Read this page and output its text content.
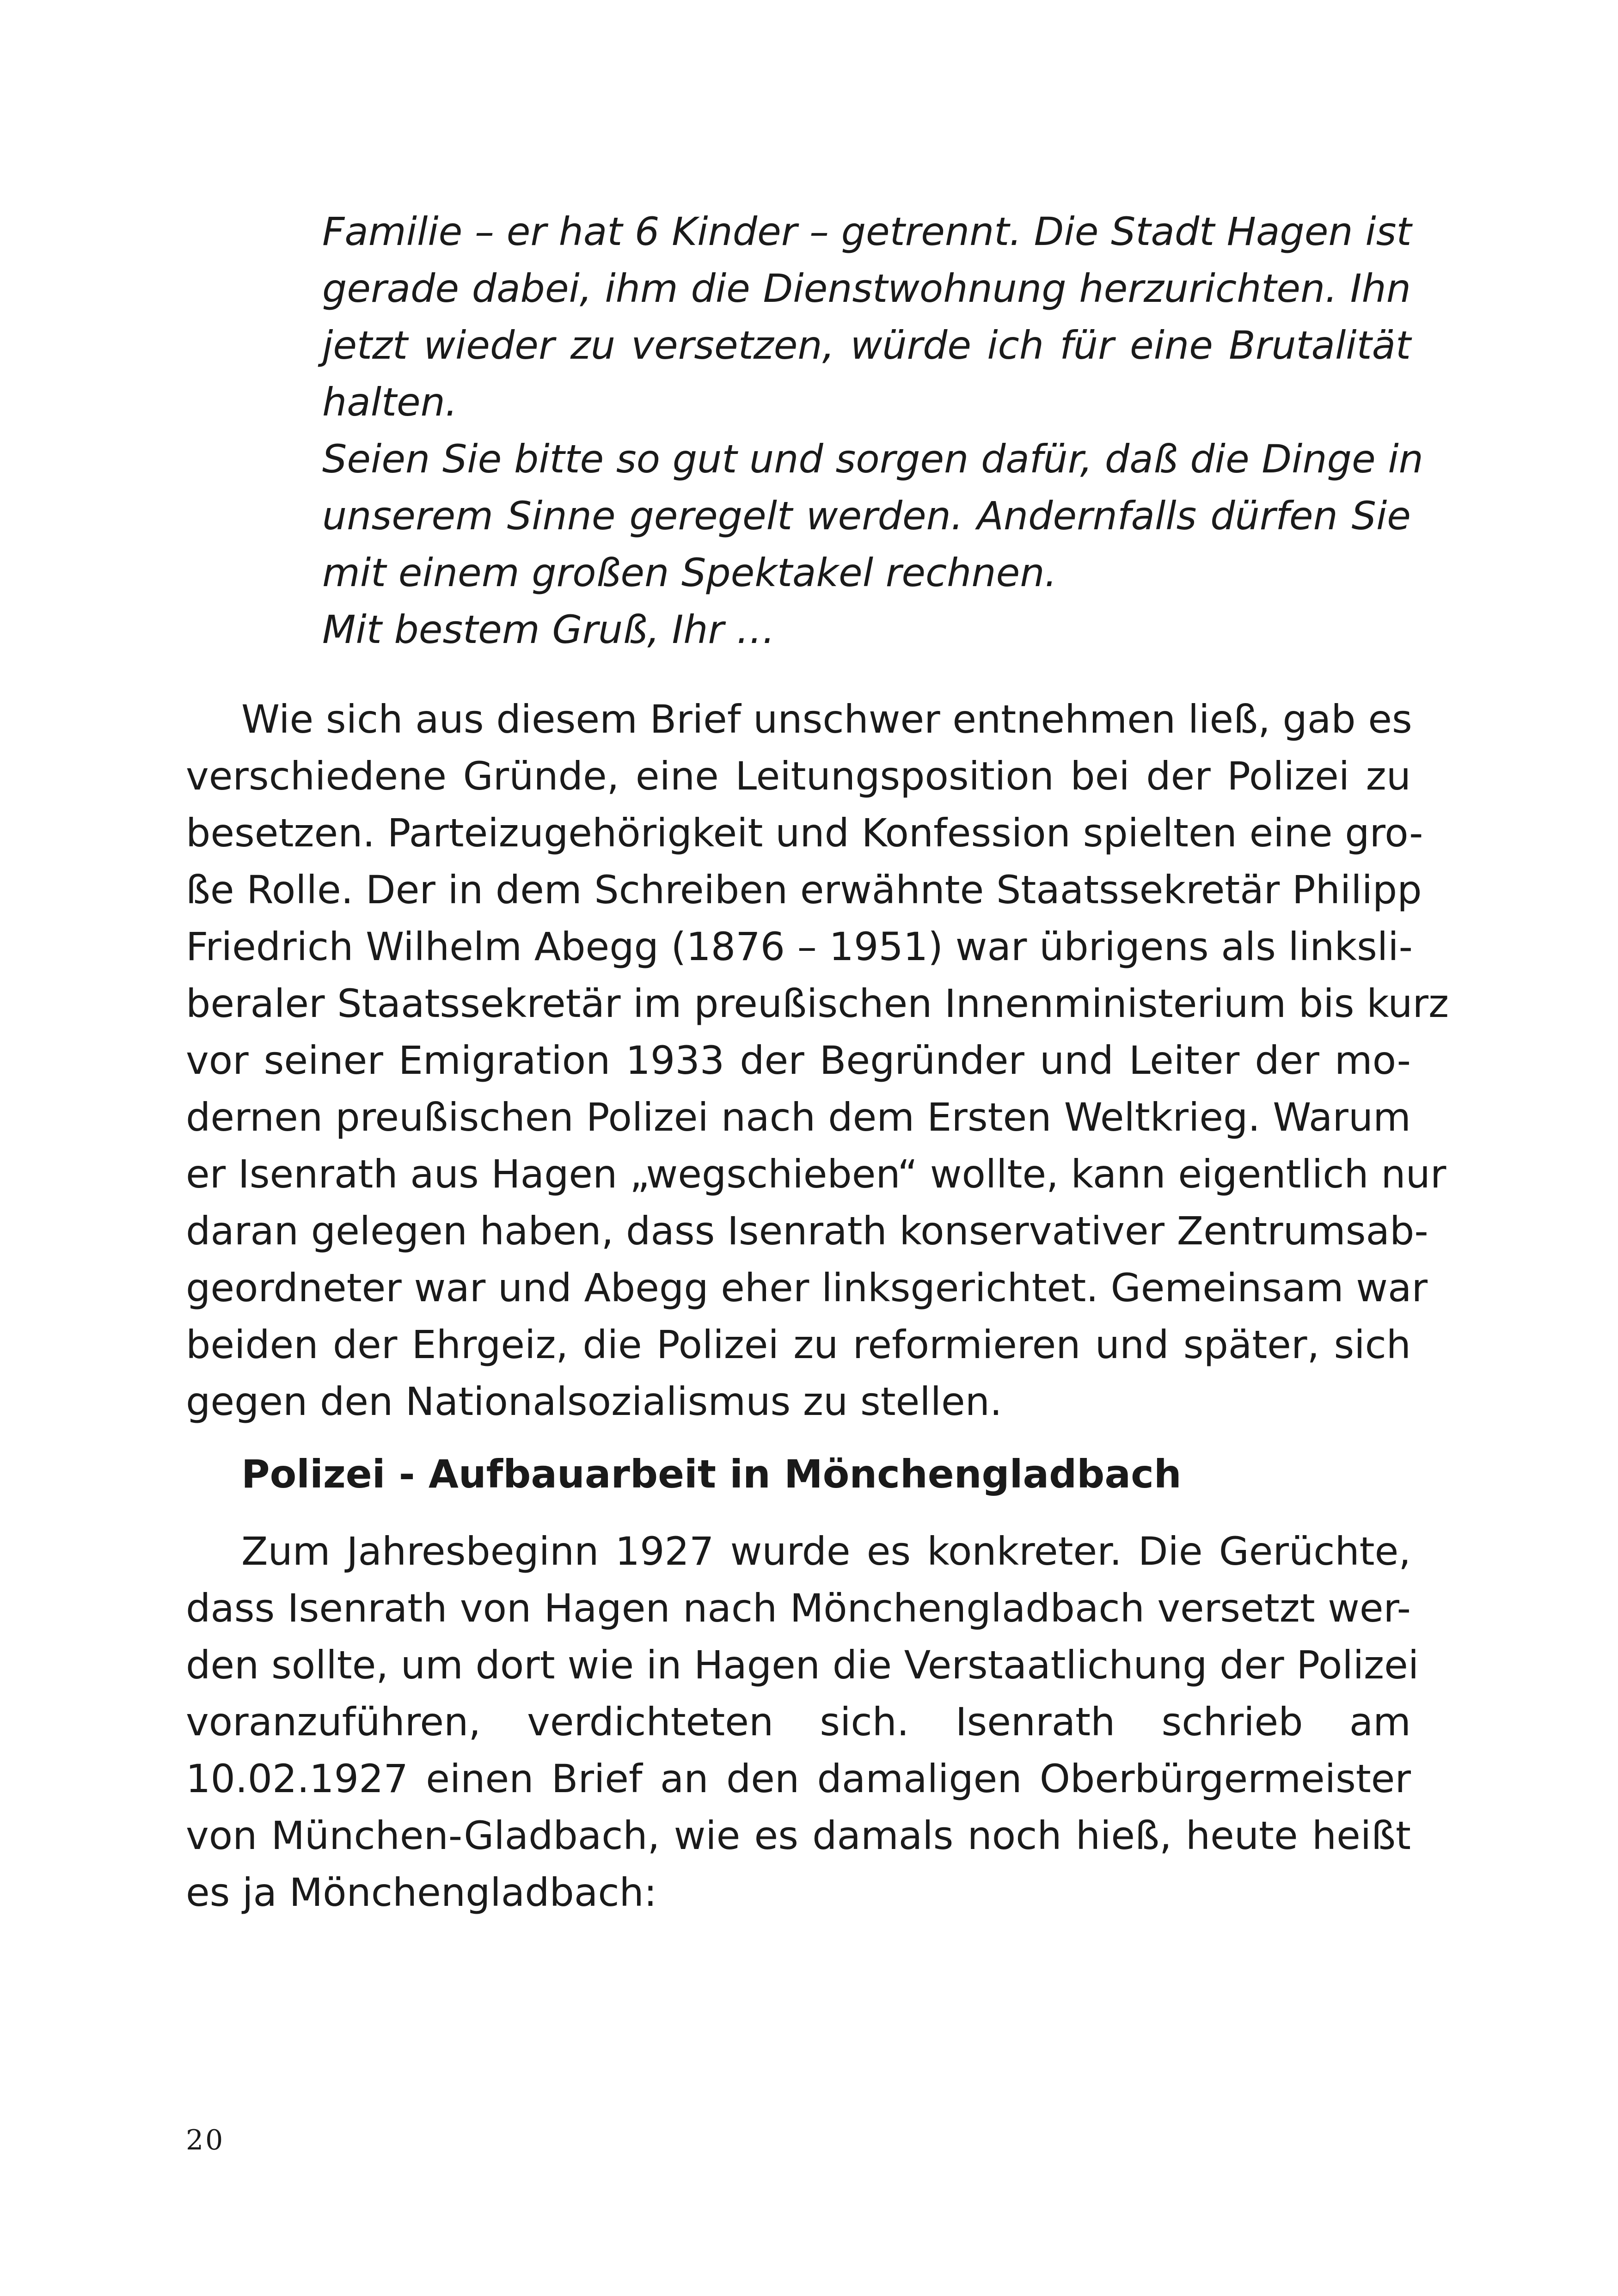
Familie – er hat 6 Kinder – getrennt. Die Stadt Hagen ist
gerade dabei, ihm die Dienstwohnung herzurichten. Ihn
jetzt wieder zu versetzen, würde ich für eine Brutalität
halten.
Seien Sie bitte so gut und sorgen dafür, daß die Dinge in
unserem Sinne geregelt werden. Andernfalls dürfen Sie
mit einem großen Spektakel rechnen.
Mit bestem Gruß, Ihr …
Wie sich aus diesem Brief unschwer entnehmen ließ, gab es
verschiedene Gründe, eine Leitungsposition bei der Polizei zu
besetzen. Parteizugehörigkeit und Konfession spielten eine gro-
ße Rolle. Der in dem Schreiben erwähnte Staatssekretär Philipp
Friedrich Wilhelm Abegg (1876 – 1951) war übrigens als linksli-
beraler Staatssekretär im preußischen Innenministerium bis kurz
vor seiner Emigration 1933 der Begründer und Leiter der mo-
dernen preußischen Polizei nach dem Ersten Weltkrieg. Warum
er Isenrath aus Hagen „wegschieben“ wollte, kann eigentlich nur
daran gelegen haben, dass Isenrath konservativer Zentrumsab-
geordneter war und Abegg eher linksgerichtet. Gemeinsam war
beiden der Ehrgeiz, die Polizei zu reformieren und später, sich
gegen den Nationalsozialismus zu stellen.
Polizei - Aufbauarbeit in Mönchengladbach
Zum Jahresbeginn 1927 wurde es konkreter. Die Gerüchte,
dass Isenrath von Hagen nach Mönchengladbach versetzt wer-
den sollte, um dort wie in Hagen die Verstaatlichung der Polizei
voranzuführen, verdichteten sich. Isenrath schrieb am
10.02.1927 einen Brief an den damaligen Oberbürgermeister
von München-Gladbach, wie es damals noch hieß, heute heißt
es ja Mönchengladbach:
20
